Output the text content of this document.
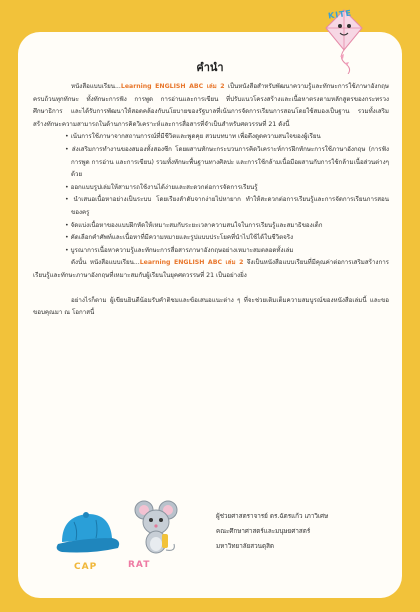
คำนำ

หนังสือแบบเรียน...Learning ENGLISH ABC เล่ม 2 เป็นหนังสือสำหรับพัฒนาความรู้และทักษะการใช้ภาษาอังกฤษ ครบถ้วนทุกทักษะ ทั้งทักษะการฟัง การพูด การอ่านและการเขียน ที่ปรับแนวโครงสร้างและเนื้อหาตรงตามหลักสูตรของกระทรวงศึกษาธิการ และได้รับการพัฒนาให้สอดคล้องกับนโยบายของรัฐบาลที่เน้นการจัดการเรียนการสอนโดยใช้สมองเป็นฐาน รวมทั้งเสริมสร้างทักษะความสามารถในด้านการคิดวิเคราะห์และการสื่อสารที่จำเป็นสำหรับศตวรรษที่ 21 ดังนี้

• เน้นการใช้ภาษาจากสถานการณ์ที่มีชีวิตและพูดคุย สวมบทบาท เพื่อดึงดูดความสนใจของผู้เรียน

• ส่งเสริมการทำงานของสมองทั้งสองซีก โดยผสานทักษะกระบวนการคิดวิเคราะห์การฝึกทักษะการใช้ภาษาอังกฤษ (การฟัง การพูด การอ่าน และการเขียน) รวมทั้งทักษะพื้นฐานทางศิลปะ และการใช้กล้ามเนื้อมือผสานกับการใช้กล้ามเนื้อส่วนต่างๆ ด้วย

• ออกแบบรูปเล่มให้สามารถใช้งานได้ง่ายและสะดวกต่อการจัดการเรียนรู้

• นำเสนอเนื้อหาอย่างเป็นระบบ โดยเรียงลำดับจากง่ายไปหายาก ทำให้สะดวกต่อการเรียนรู้และการจัดการเรียนการสอนของครู

• จัดแบ่งเนื้อหาของแบบฝึกหัดให้เหมาะสมกับระยะเวลาความสนใจในการเรียนรู้และสมาธิของเด็ก

• คัดเลือกคำศัพท์และเนื้อหาที่มีความหมายและรูปแบบประโยคที่นำไปใช้ได้ในชีวิตจริง

• บูรณาการเนื้อหาความรู้และทักษะการสื่อสารภาษาอังกฤษอย่างเหมาะสมตลอดทั้งเล่ม

ดังนั้น หนังสือแบบเรียน...Learning ENGLISH ABC เล่ม 2 จึงเป็นหนังสือแบบเรียนที่มีคุณค่าต่อการเสริมสร้างการเรียนรู้และทักษะภาษาอังกฤษที่เหมาะสมกับผู้เรียนในยุคศตวรรษที่ 21 เป็นอย่างยิ่ง

อย่างไรก็ตาม ผู้เขียนยินดีน้อมรับคำติชมและข้อเสนอแนะต่าง ๆ ที่จะช่วยเติมเต็มความสมบูรณ์ของหนังสือเล่มนี้ และขอขอบคุณมา ณ โอกาสนี้

ผู้ช่วยศาสตราจารย์ ดร.ฉัตรแก้ว เภาวิเศษ
คณะศึกษาศาสตร์และมนุษยศาสตร์
มหาวิทยาลัยสวนดุสิต
KITE
CAP	RAT
